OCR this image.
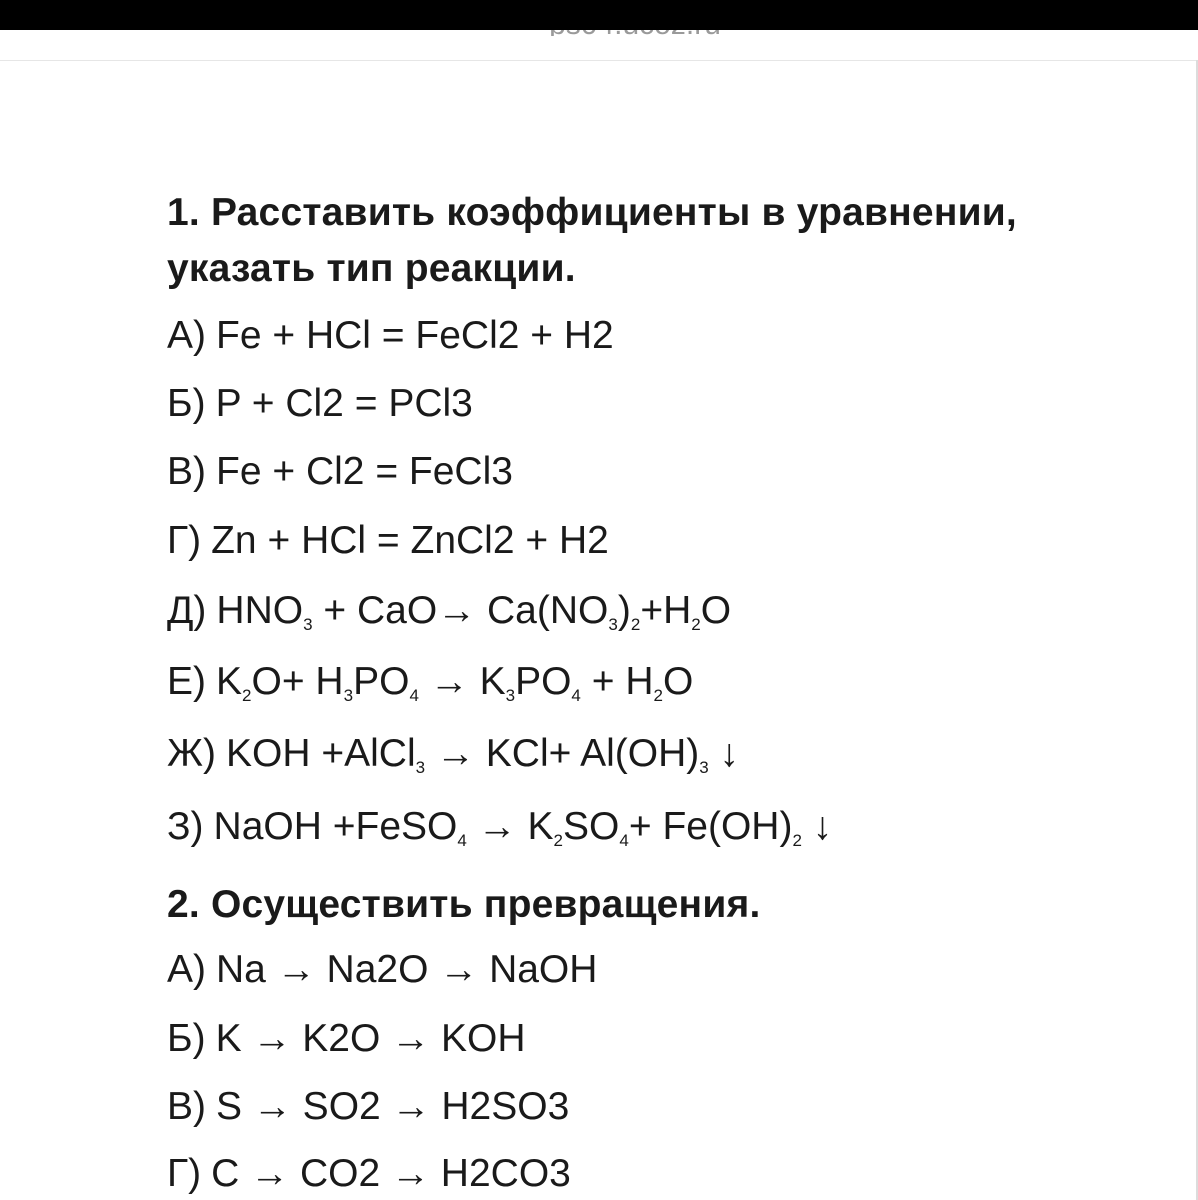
1. Расставить коэффициенты в уравнении,
указать тип реакции.
А) Fe + HCl = FeCl2 + H2
Б) P + Cl2 = PCl3
В) Fe + Cl2 = FeCl3
Г) Zn + HCl = ZnCl2 + H2
Д) $HNO_3 + CaO\to Ca(NO_3)_2+H_2O$
Е) $K_2O+ H_3PO_4 \to K_3PO_4 + H_2O$
Ж) KOH +AlCl$_3$ → $KCl+ Al(OH)_3$ ↓
З) NaOH +FeSO$_4$ → $K_2SO_4+ Fe(OH)_2$ ↓
2. Осуществить превращения.
А) Na → Na2O → NaOH
Б) K → K2O → KOH
В) S → SO2 → H2SO3
Г) C → CO2 → H2CO3
